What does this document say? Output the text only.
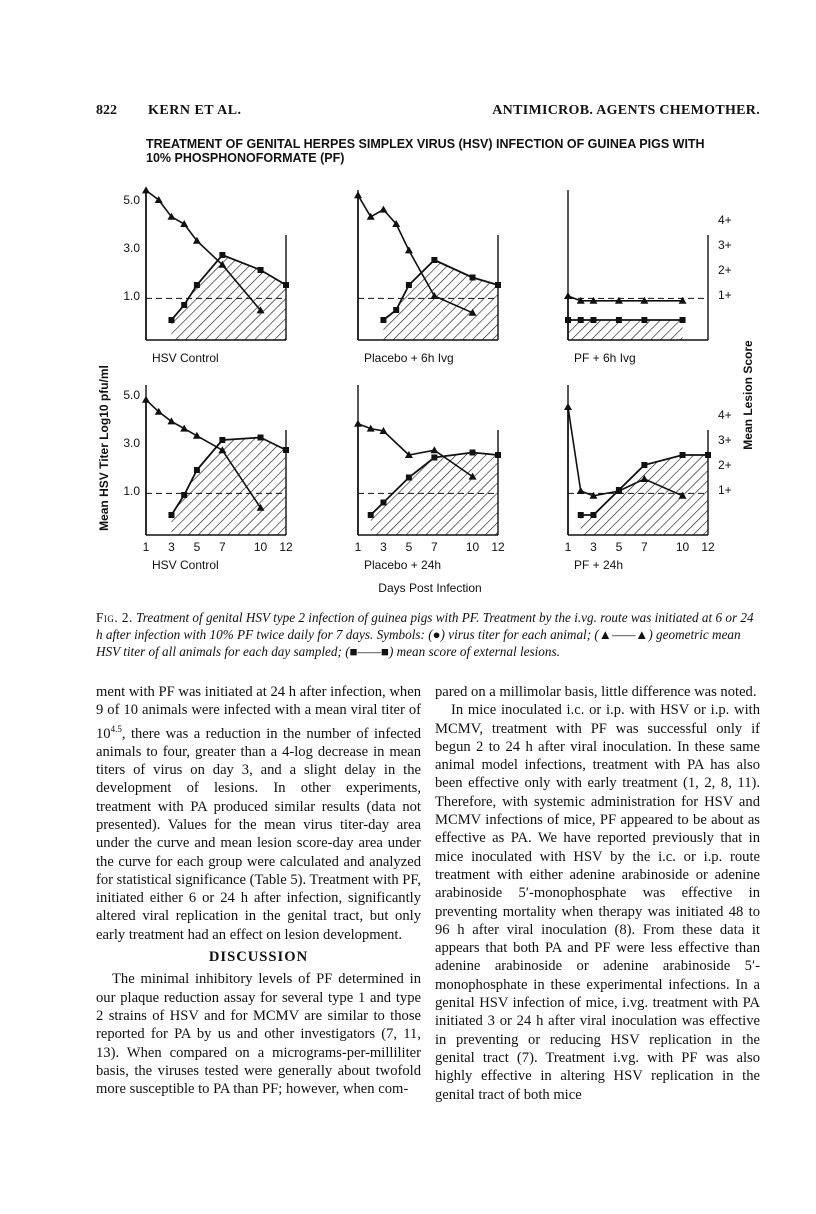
822 KERN ET AL.	ANTIMICROB. AGENTS CHEMOTHER.
TREATMENT OF GENITAL HERPES SIMPLEX VIRUS (HSV) INFECTION OF GUINEA PIGS WITH 10% PHOSPHONOFORMATE (PF)
5.0
3.0
1.0
HSV Control	Placebo + 6h Ivg
4+
3+
2+
1+
PF + 6h Ivg
5.0
3.0
1.0
1 3 5 7 10 12
HSV Control
1 3 5 7 10 12
Placebo + 24h
4+
3+
2+
1+
1 3 5 7 10 12
PF + 24h
Mean HSV Titer Log10 pfu/ml	Mean Lesion Score
Days Post Infection
Fig. 2. Treatment of genital HSV type 2 infection of guinea pigs with PF. Treatment by the i.vg. route was initiated at 6 or 24 h after infection with 10% PF twice daily for 7 days. Symbols: (●) virus titer for each animal; (▲——▲) geometric mean HSV titer of all animals for each day sampled; (■——■) mean score of external lesions.

ment with PF was initiated at 24 h after infection, when 9 of 10 animals were infected with a mean viral titer of $10^{4.5}$, there was a reduction in the number of infected animals to four, greater than a 4-log decrease in mean titers of virus on day 3, and a slight delay in the development of lesions. In other experiments, treatment with PA produced similar results (data not presented). Values for the mean virus titer-day area under the curve and mean lesion score-day area under the curve for each group were calculated and analyzed for statistical significance (Table 5). Treatment with PF, initiated either 6 or 24 h after infection, significantly altered viral replication in the genital tract, but only early treatment had an effect on lesion development.

DISCUSSION

The minimal inhibitory levels of PF determined in our plaque reduction assay for several type 1 and type 2 strains of HSV and for MCMV are similar to those reported for PA by us and other investigators (7, 11, 13). When compared on a micrograms-per-milliliter basis, the viruses tested were generally about twofold more susceptible to PA than PF; however, when com-

pared on a millimolar basis, little difference was noted.

In mice inoculated i.c. or i.p. with HSV or i.p. with MCMV, treatment with PF was successful only if begun 2 to 24 h after viral inoculation. In these same animal model infections, treatment with PA has also been effective only with early treatment (1, 2, 8, 11). Therefore, with systemic administration for HSV and MCMV infections of mice, PF appeared to be about as effective as PA. We have reported previously that in mice inoculated with HSV by the i.c. or i.p. route treatment with either adenine arabinoside or adenine arabinoside 5′-monophosphate was effective in preventing mortality when therapy was initiated 48 to 96 h after viral inoculation (8). From these data it appears that both PA and PF were less effective than adenine arabinoside or adenine arabinoside 5′-monophosphate in these experimental infections. In a genital HSV infection of mice, i.vg. treatment with PA initiated 3 or 24 h after viral inoculation was effective in preventing or reducing HSV replication in the genital tract (7). Treatment i.vg. with PF was also highly effective in altering HSV replication in the genital tract of both mice
